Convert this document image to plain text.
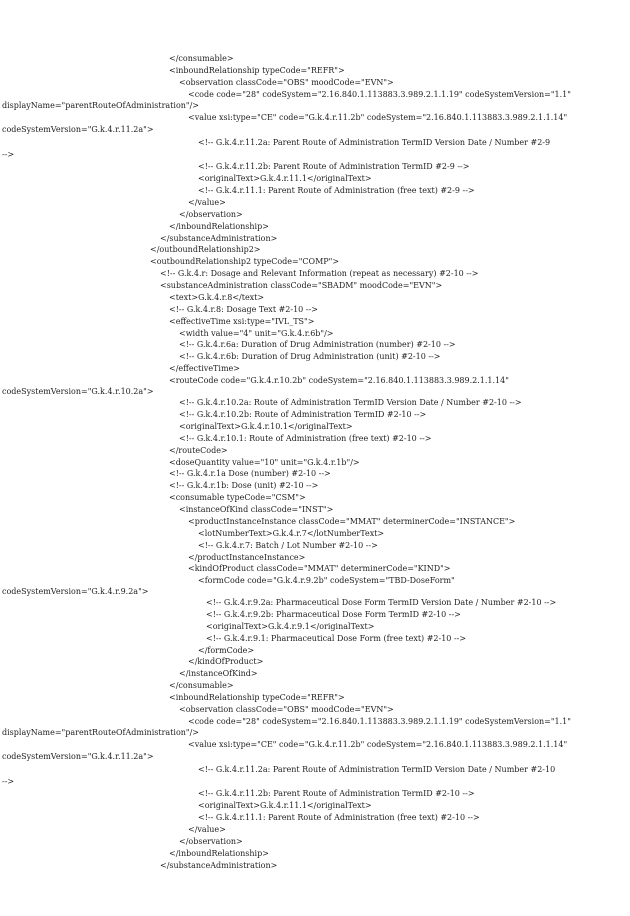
</consumable>
<inboundRelationship typeCode="REFR">
<observation classCode="OBS" moodCode="EVN">
<code code="28" codeSystem="2.16.840.1.113883.3.989.2.1.1.19" codeSystemVersion="1.1"
displayName="parentRouteOfAdministration"/>
<value xsi:type="CE" code="G.k.4.r.11.2b" codeSystem="2.16.840.1.113883.3.989.2.1.1.14"
codeSystemVersion="G.k.4.r.11.2a">
<!-- G.k.4.r.11.2a: Parent Route of Administration TermID Version Date / Number #2-9
-->
<!-- G.k.4.r.11.2b: Parent Route of Administration TermID #2-9 -->
<originalText>G.k.4.r.11.1</originalText>
<!-- G.k.4.r.11.1: Parent Route of Administration (free text) #2-9 -->
</value>
</observation>
</inboundRelationship>
</substanceAdministration>
</outboundRelationship2>
<outboundRelationship2 typeCode="COMP">
<!-- G.k.4.r: Dosage and Relevant Information (repeat as necessary) #2-10 -->
<substanceAdministration classCode="SBADM" moodCode="EVN">
<text>G.k.4.r.8</text>
<!-- G.k.4.r.8: Dosage Text #2-10 -->
<effectiveTime xsi:type="IVL_TS">
<width value="4" unit="G.k.4.r.6b"/>
<!-- G.k.4.r.6a: Duration of Drug Administration (number) #2-10 -->
<!-- G.k.4.r.6b: Duration of Drug Administration (unit) #2-10 -->
</effectiveTime>
<routeCode code="G.k.4.r.10.2b" codeSystem="2.16.840.1.113883.3.989.2.1.1.14"
codeSystemVersion="G.k.4.r.10.2a">
<!-- G.k.4.r.10.2a: Route of Administration TermID Version Date / Number #2-10 -->
<!-- G.k.4.r.10.2b: Route of Administration TermID #2-10 -->
<originalText>G.k.4.r.10.1</originalText>
<!-- G.k.4.r.10.1: Route of Administration (free text) #2-10 -->
</routeCode>
<doseQuantity value="10" unit="G.k.4.r.1b"/>
<!-- G.k.4.r.1a Dose (number) #2-10 -->
<!-- G.k.4.r.1b: Dose (unit) #2-10 -->
<consumable typeCode="CSM">
<instanceOfKind classCode="INST">
<productInstanceInstance classCode="MMAT" determinerCode="INSTANCE">
<lotNumberText>G.k.4.r.7</lotNumberText>
<!-- G.k.4.r.7: Batch / Lot Number #2-10 -->
</productInstanceInstance>
<kindOfProduct classCode="MMAT" determinerCode="KIND">
<formCode code="G.k.4.r.9.2b" codeSystem="TBD-DoseForm"
codeSystemVersion="G.k.4.r.9.2a">
<!-- G.k.4.r.9.2a: Pharmaceutical Dose Form TermID Version Date / Number #2-10 -->
<!-- G.k.4.r.9.2b: Pharmaceutical Dose Form TermID #2-10 -->
<originalText>G.k.4.r.9.1</originalText>
<!-- G.k.4.r.9.1: Pharmaceutical Dose Form (free text) #2-10 -->
</formCode>
</kindOfProduct>
</instanceOfKind>
</consumable>
<inboundRelationship typeCode="REFR">
<observation classCode="OBS" moodCode="EVN">
<code code="28" codeSystem="2.16.840.1.113883.3.989.2.1.1.19" codeSystemVersion="1.1"
displayName="parentRouteOfAdministration"/>
<value xsi:type="CE" code="G.k.4.r.11.2b" codeSystem="2.16.840.1.113883.3.989.2.1.1.14"
codeSystemVersion="G.k.4.r.11.2a">
<!-- G.k.4.r.11.2a: Parent Route of Administration TermID Version Date / Number #2-10
-->
<!-- G.k.4.r.11.2b: Parent Route of Administration TermID #2-10 -->
<originalText>G.k.4.r.11.1</originalText>
<!-- G.k.4.r.11.1: Parent Route of Administration (free text) #2-10 -->
</value>
</observation>
</inboundRelationship>
</substanceAdministration>
